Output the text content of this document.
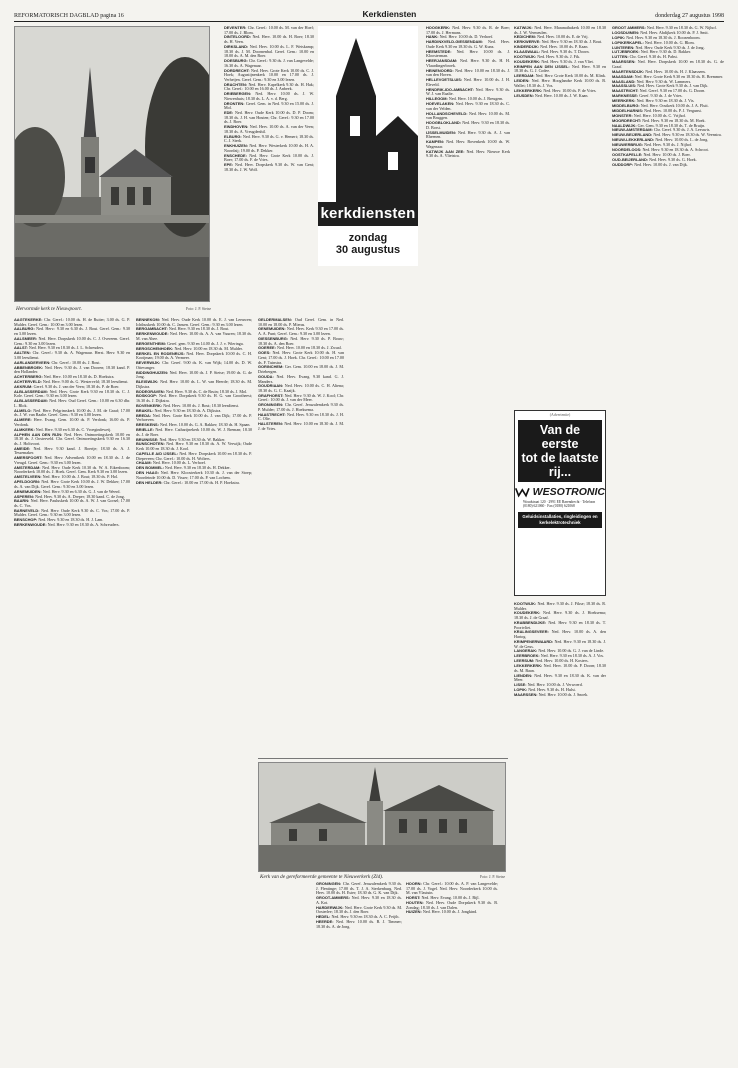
REFORMATORISCH DAGBLAD pagina 16	Kerkdiensten	donderdag 27 augustus 1998
Hervormde kerk te Nieuwpoort.	Foto: J. P. Sietse
kerkdiensten
zondag
30 augustus

AAGTEKERKE: Chr. Geref.: 10.00 ds. H. de Ruiter; 3.00 ds. G. P. Mulder. Geref. Gem.: 10.00 en 3.00 lezen.

AALBURG: Ned. Herv.: 9.30 en 6.30 ds. J. Bout. Geref. Gem.: 9.30 en 3.00 lezen.

AALSMEER: Ned. Herv. Dorpskerk 10.00 ds. C. J. Overeem. Geref. Gem.: 9.30 en 3.00 lezen.

AALST: Ned. Herv. 9.30 en 18.30 ds. J. L. Schreuders.

AALTEN: Chr. Geref.: 9.30 ds. A. Wagenaar. Herst. Herv. 9.30 en 3.00 leesdienst.

AARLANDERVEEN: Chr. Geref.: 10.00 ds. J. Bout.

ABBENBROEK: Ned. Herv. 9.30 ds. J. van Dooren; 18.30 kand. P. den Hollander.

ACHTERBERG: Ned. Herv. 10.00 en 18.30 ds. D. Hoekstra.

ACHTERVELD: Ned. Herv. 9.00 ds. G. Westerveld; 18.30 leesdienst.

AKKRUM: Geref. 9.30 ds. J. van der Veen; 18.30 ds. P. de Boer.

ALBLASSERDAM: Ned. Herv. Grote Kerk 9.30 en 18.30 ds. C. J. Kole. Geref. Gem.: 9.30 en 3.00 lezen.

ALBLASSERDAM: Ned. Herv. Oud Geref. Gem.: 10.00 en 6.30 dhr. L. Blok.

ALMELO: Ned. Herv. Pelgrimskerk 10.00 ds. J. M. de Graaf; 17.00 ds. J. W. van Raalte. Geref. Gem.: 9.30 en 3.00 lezen.

ALMERE: Herv. Evang. Gem. 10.00 ds. P. Verdonk; 16.00 ds. P. Verdonk.

ALMKERK: Ned. Herv. 9.30 en 6.30 ds. C. Vroegindeweij.

ALPHEN AAN DEN RIJN: Ned. Herv. Ontmoetingskerk 10.00 en 18.30 ds. J. Oosterveld. Chr. Geref. Ontmoetingskerk 9.30 en 16.30 ds. J. Holtvoort.

AMEIDE: Ned. Herv. 9.30 kand. J. Boertje; 18.30 ds. A. J. Tessemaker.

AMERSFOORT: Ned. Herv. Adventkerk 10.00 en 18.30 ds. J. de Vreugd. Geref. Gem.: 9.30 en 3.00 lezen.

AMSTERDAM: Ned. Herv. Oude Kerk 10.30 ds. W. A. Eikenboom; Noorderkerk 10.00 ds. J. Hoek. Geref. Gem. Kerk 9.30 en 3.00 lezen.

AMSTELVEEN: Ned. Herv. 10.00 ds. J. Bout; 18.30 ds. P. Hol.

APELDOORN: Ned. Herv. Grote Kerk 10.00 ds. J. W. Dekker; 17.00 ds. A. van Dijk. Geref. Gem.: 9.30 en 3.00 lezen.

ARNEMUIDEN: Ned. Herv. 9.30 en 6.30 ds. G. J. van de Weerd.

ASPEREN: Ned. Herv. 9.30 ds. A. Dreper; 18.30 kand. C. de Jong.

BAARN: Ned. Herv. Pauluskerk 10.00 ds. A. W. J. van Gorsel; 17.00 ds. C. Vos.

BARNEVELD: Ned. Herv. Oude Kerk 9.30 ds. C. Vos; 17.00 ds. P. Mulder. Geref. Gem.: 9.30 en 3.00 lezen.

BENSCHOP: Ned. Herv. 9.30 en 18.30 ds. H. J. Lam.

BERKENWOUDE: Ned. Herv. 9.30 en 18.30 ds. A. Schreuders.

BENNEKOM: Ned. Herv. Oude Kerk 10.00 ds. E. J. van Leeuwen; Ichthuskerk 10.00 ds. C. Jansen. Geref. Gem.: 9.30 en 3.00 lezen.

BERGAMBACHT: Ned. Herv. 9.30 en 18.30 ds. J. Bout.

BERKENWOUDE: Ned. Herv. 10.00 ds. A. A. van Vuuren; 18.30 ds. M. van Ahee.

BERGENTHEIM: Geref. gem. 9.30 en 14.00 ds. J. J. v. Wieringa.

BERGSCHENHOEK: Ned. Herv. 10.00 en 18.30 ds. M. Mulder.

BERKEL EN RODENRIJS: Ned. Herv. Dorpskerk 10.00 ds. C. H. Kooijman; 19.00 ds. A. Vermeer.

BEVERWIJK: Chr. Geref. 9.00 ds. K. van Wijk; 14.00 ds. D. W. Ottevanger.

BIDDINGHUIZEN: Ned. Herv. 10.00 ds. J. P. Sietse; 19.00 ds. G. de Jong.

BLEISWIJK: Ned. Herv. 10.00 ds. L. W. van Heerde; 18.30 ds. M. Dijkstra.

BODEGRAVEN: Ned. Herv. 9.30 ds. C. de Bruin; 18.30 ds. J. Mol.

BOSKOOP: Ned. Herv. Dorpskerk 9.30 ds. H. G. van Grootheest; 16.30 ds. J. Dijkstra.

BOVENKERK: Ned. Herv. 10.00 ds. J. Bout; 18.30 leesdienst.

BRAKEL: Ned. Herv. 9.30 en 18.30 ds. A. Dijkstra.

BREDA: Ned. Herv. Grote Kerk 10.00 ds. J. van Dijk; 17.00 ds. P. Verhoeven.

BRESKENS: Ned. Herv. 10.00 ds. G. A. Bakker; 18.30 ds. H. Spaan.

BRIELLE: Ned. Herv. Catharijnekerk 10.00 ds. W. J. Breman; 18.30 ds. J. de Boer.

BRUINISSE: Ned. Herv. 9.30 en 18.30 ds. W. Bakker.

BUNSCHOTEN: Ned. Herv. 9.30 en 18.30 ds. A. W. Verwijk; Oude Kerk 10.00 en 18.30 ds. J. Kool.

CAPELLE A/D IJSSEL: Ned. Herv. Dorpskerk 10.00 en 18.30 ds. P. Diepeveen; Chr. Geref.: 10.00 ds. H. Wolters.

CHAAM: Ned. Herv. 10.00 ds. L. Verhoef.

DEN BOMMEL: Ned. Herv. 9.30 en 18.30 ds. H. Dekker.

DEN HAAG: Ned. Herv. Kloosterkerk 10.30 ds. J. van der Stoep; Noordeinde 10.00 ds. D. Visser; 17.00 ds. P. van Lochem.

DEN HELDER: Chr. Geref.: 10.00 en 17.00 ds. H. P. Hoekstra.

DEVENTER: Chr. Geref.: 10.00 ds. M. van der Hoef; 17.00 ds. J. Blom.

DINTELOORD: Ned. Herv. 10.00 ds. H. Boer; 18.30 ds. H. Veen.

DIRKSLAND: Ned. Herv. 10.00 ds. L. F. Weiskamp; 18.30 ds. J. M. Doornenbal. Geref. Gem.: 10.00 en 18.00 ds. A. M. den Boer.

DOESBURG: Chr. Geref.: 9.30 ds. J. van Langevelde; 16.30 ds. A. Wagenaar.

DORDRECHT: Ned. Herv. Grote Kerk 10.00 ds. C. J. Hoek; Augustijnenkerk 10.00 en 17.00 ds. J. Verheijen. Geref. Gem.: 9.30 en 3.00 lezen.

DRACHTEN: Ned. Herv. Kapelkerk 9.30 ds. H. Hak; Chr. Geref.: 10.00 en 16.00 ds. J. Anbeek.

DRIEBERGEN: Ned. Herv. 10.00 ds. J. W. Niewenhuis; 18.30 ds. L. A. v. d. Berg.

DRONTEN: Geref. Gem. in Ned. 9.30 en 15.00 ds. J. Mol.

EDE: Ned. Herv. Oude Kerk 10.00 ds. D. P. Doom; 18.30 ds. J. H. van Houten; Chr. Geref.: 9.30 en 17.00 ds. J. Boer.

EINDHOVEN: Ned. Herv. 10.00 ds. A. van der Veen; 18.30 ds. A. Vreugdenhil.

ELBURG: Ned. Herv. 9.30 ds. G. v. Hemert; 18.30 ds. C. J. Sterk.

ENKHUIZEN: Ned. Herv. Westerkerk 10.00 ds. H. A. Noordzij; 19.00 ds. P. Dekker.

ENSCHEDE: Ned. Herv. Grote Kerk 10.00 ds. J. Boer; 17.00 ds. F. de Vries.

EPE: Ned. Herv. Dorpskerk 9.30 ds. W. van Gent; 18.30 ds. J. W. Wolf.

GELDERMALSEN: Oud Geref. Gem. in Ned. 10.00 en 18.00 ds. P. Mieras.

GENEMUIDEN: Ned. Herv. Kerk 9.30 en 17.00 ds. A. A. Punt; Geref. Gem.: 9.30 en 3.00 lezen.

GIESSENBURG: Ned. Herv. 9.30 ds. P. Bouw; 18.30 ds. A. den Boer.

GOEREE: Ned. Herv. 10.00 en 18.30 ds. J. Zwaal.

GOES: Ned. Herv. Grote Kerk 10.00 ds. H. van Gent; 17.00 ds. J. Hoek. Chr. Geref.: 10.00 en 17.00 ds. F. Tuinstra.

GORINCHEM: Ger. Gem. 10.00 en 18.00 ds. J. M. Driebergen.

GOUDA: Ned. Herv. Evang. 9.30 kand. G. J. Manders.

GOUDRIAAN: Ned. Herv. 10.00 ds. C. H. Altena; 18.30 ds. G. C. Kaaijk.

GRAFHORST: Ned. Herv. 9.30 ds. W. J. Kool; Chr. Geref.: 10.00 ds. J. van der Meer.

GRONINGEN: Chr. Geref. Jeruzalemkerk 9.30 ds. P. Mulder; 17.00 ds. J. Hoeksema.

HAASTRECHT: Ned. Herv. 9.30 en 18.30 ds. J. H. C. Olie.

HALSTEREN: Ned. Herv. 10.00 en 18.30 ds. J. M. J. de Vries.

GRONINGEN: Chr. Geref. Jeruzalemkerk 9.30 ds. J. Flentinge; 17.00 ds. T. J. A. Sterkenburg. Ned. Herv. 10.00 ds. H. Ester; 18.30 ds. G. K. van Dijk.

GROOT-AMMERS: Ned. Herv. 9.30 en 18.30 ds. A. Kot.

HARDERWIJK: Ned. Herv. Grote Kerk 9.30 ds. M. Oosterlee; 18.30 ds. J. den Boer.

HEDEL: Ned. Herv. 9.30 en 18.30 ds. A. C. Feijth.

HEERDE: Ned. Herv. 10.00 ds. B. J. Timmer; 18.30 ds. A. de Jong.

HOORN: Chr. Geref.: 10.00 ds. A. P. van Langevelde; 17.00 ds. J. Vogel. Ned. Herv. Noorderkerk 10.00 ds. M. van Vlastuin.

HORST: Ned. Herv. Evang. 10.00 ds. J. Bijl.

HOUTEN: Ned. Herv. Oude Dorpskerk 9.30 ds. B. Zondag; 18.30 ds. J. van Dalen.

HUIZEN: Ned. Herv. 10.00 ds. J. Jongkind.

HOOGKERK: Ned. Herv. 9.30 ds. R. de Boer; 17.00 ds. J. Hermans.

HANK: Ned. Herv. 10.00 ds. D. Verhoef.

HARDINXVELD-GIESSENDAM: Ned. Herv. Oude Kerk 9.30 en 18.30 ds. G. W. Kunz.

HEEMSTEDE: Ned. Herv. 10.00 ds. J. Kloosterman.

HEERJANSDAM: Ned. Herv. 9.30 ds. H. H. Vlaardingerbroek.

HEINENOORD: Ned. Herv. 10.00 en 18.30 ds. J. van den Hoven.

HELLEVOETSLUIS: Ned. Herv. 10.00 ds. J. H. Eleveld.

HENDRIK-IDO-AMBACHT: Ned. Herv. 9.30 ds. W. J. van Raalte.

HILLEGOM: Ned. Herv. 10.00 ds. J. Breugem.

HOEVELAKEN: Ned. Herv. 9.30 en 18.30 ds. C. van der Velden.

HOLLANDSCHEVELD: Ned. Herv. 10.00 ds. M. van Bruggen.

HOOGBLOKLAND: Ned. Herv. 9.30 en 18.30 ds. D. Borst.

IJSSELMUIDEN: Ned. Herv. 9.30 ds. A. J. van Rheenen.

KAMPEN: Ned. Herv. Bovenkerk 10.00 ds. W. Wagenaar.

KATWIJK AAN ZEE: Ned. Herv. Nieuwe Kerk 9.30 ds. A. Vlietstra.

KATWIJK: Ned. Herv. Maranathakerk 10.00 en 18.30 ds. J. W. Vermeulen.

KEDICHEM: Ned. Herv. 10.00 ds. E. de Vrij.

KERKWERVE: Ned. Herv. 9.30 en 18.30 ds. J. Bout.

KINDERDIJK: Ned. Herv. 10.00 ds. P. Kaan.

KLAASWAAL: Ned. Herv. 9.30 ds. T. Doorn.

KOOTWIJK: Ned. Herv. 9.30 ds. J. Fik.

KOUDEKERK: Ned. Herv. 9.30 ds. J. van Vliet.

KRIMPEN AAN DEN IJSSEL: Ned. Herv. 9.30 en 18.30 ds. G. J. Codee.

LEERDAM: Ned. Herv. Grote Kerk 10.00 ds. M. Klink.

LEIDEN: Ned. Herv. Hooglandse Kerk 10.00 ds. B. Wallet; 18.30 ds. J. Vos.

LEKKERKERK: Ned. Herv. 10.00 ds. P. de Vries.

LEUSDEN: Ned. Herv. 10.00 ds. J. W. Kaan.

KOOTWIJK: Ned. Herv. 9.30 ds. J. Fikse; 18.30 ds. R. Mulder.

KOUDEKERK: Ned. Herv. 9.30 ds. J. Hoeksema; 18.30 ds. J. de Graaf.

KRABBENDIJKE: Ned. Herv. 9.30 en 18.30 ds. T. Poortvliet.

KRALINGSEVEER: Ned. Herv. 10.00 ds. A. den Hartog.

KRIMPENERWAARD: Ned. Herv. 9.30 en 18.30 ds. J. W. de Geus.

LANGERAK: Ned. Herv. 10.00 ds. G. J. van de Linde.

LEERBROEK: Ned. Herv. 9.30 en 18.30 ds. A. J. Vos.

LEERSUM: Ned. Herv. 10.00 ds. H. Kosters.

LEKKERKERK: Ned. Herv. 10.00 ds. P. Doorn; 18.30 ds. M. Baan.

LIENDEN: Ned. Herv. 9.30 en 18.30 ds. K. van der Meer.

LISSE: Ned. Herv. 10.00 ds. J. Verwoerd.

LOPIK: Ned. Herv. 9.30 ds. H. Hulst.

MAARSSEN: Ned. Herv. 10.00 ds. J. Snoek.

GROOT AMMERS: Ned. Herv. 9.30 en 18.30 ds. G. W. Nijhof.

LOOSDUINEN: Ned. Herv. Abdijkerk 10.00 ds. P. J. Smit.

LOPIK: Ned. Herv. 9.30 en 18.30 ds. J. Roozenboom.

LOPIKERKAPEL: Ned. Herv. 10.00 ds. G. Blom.

LUNTEREN: Ned. Herv. Oude Kerk 9.30 ds. J. de Jong.

LUTJEBROEK: Ned. Herv. 9.30 ds. D. Bakker.

LUTTEN: Chr. Geref. 9.30 ds. H. Pabst.

MAARSSEN: Ned. Herv. Dorpskerk 10.00 en 18.30 ds. G. de Graaf.

MAARTENSDIJK: Ned. Herv. 10.00 ds. H. J. Klaassens.

MAASDAM: Ned. Herv. Grote Kerk 9.30 en 18.30 ds. R. Bremmer.

MAASLAND: Ned. Herv. 9.30 ds. W. Lammers.

MAASSLUIS: Ned. Herv. Grote Kerk 9.30 ds. J. van Dijk.

MAASTRICHT: Ned. Geref. 9.30 en 17.00 ds. G. Doorn.

MARKNESSE: Geref. 9.30 ds. J. de Vries.

MEERKERK: Ned. Herv. 9.30 en 18.30 ds. J. Vis.

MIDDELBURG: Ned. Herv. Oostkerk 10.00 ds. J. A. Fluit.

MIDDELHARNIS: Ned. Herv. 10.00 ds. P. J. Vergunst.

MONSTER: Ned. Herv. 10.00 ds. C. Vrijhof.

MOORDRECHT: Ned. Herv. 9.30 en 18.30 ds. M. Hoek.

NAALDWIJK: Ger. Gem. 9.30 en 18.30 ds. T. de Bruijn.

NIEUW-AMSTERDAM: Chr. Geref. 9.30 ds. J. A. Leeuwis.

NIEUW-BEIJERLAND: Ned. Herv. 9.30 en 18.30 ds. W. Veenstra.

NIEUW-LEKKERLAND: Ned. Herv. 10.00 ds. L. de Jong.

NIEUWERBRUG: Ned. Herv. 9.30 ds. J. Nijhof.

NOORDELOOS: Ned. Herv. 9.30 en 18.30 ds. A. Schroot.

OOSTKAPELLE: Ned. Herv. 10.00 ds. J. Boer.

OUD-BEIJERLAND: Ned. Herv. 9.30 ds. G. Hoek.

OUDDORP: Ned. Herv. 10.00 ds. J. van Dijk.

(Advertentie)
Van de eerste
tot de laatste rij...
WESOTRONIC
Woudstraat 120 · 2991 EE Barendrecht · Telefoon (0180) 621060 · Fax (0180) 621068
Geluidsinstallaties, ringleidingen en kerkelektrotechniek
Kerk van de gereformeerde gemeente te Nieuwerkerk (Zld).	Foto: J. P. Sietse
